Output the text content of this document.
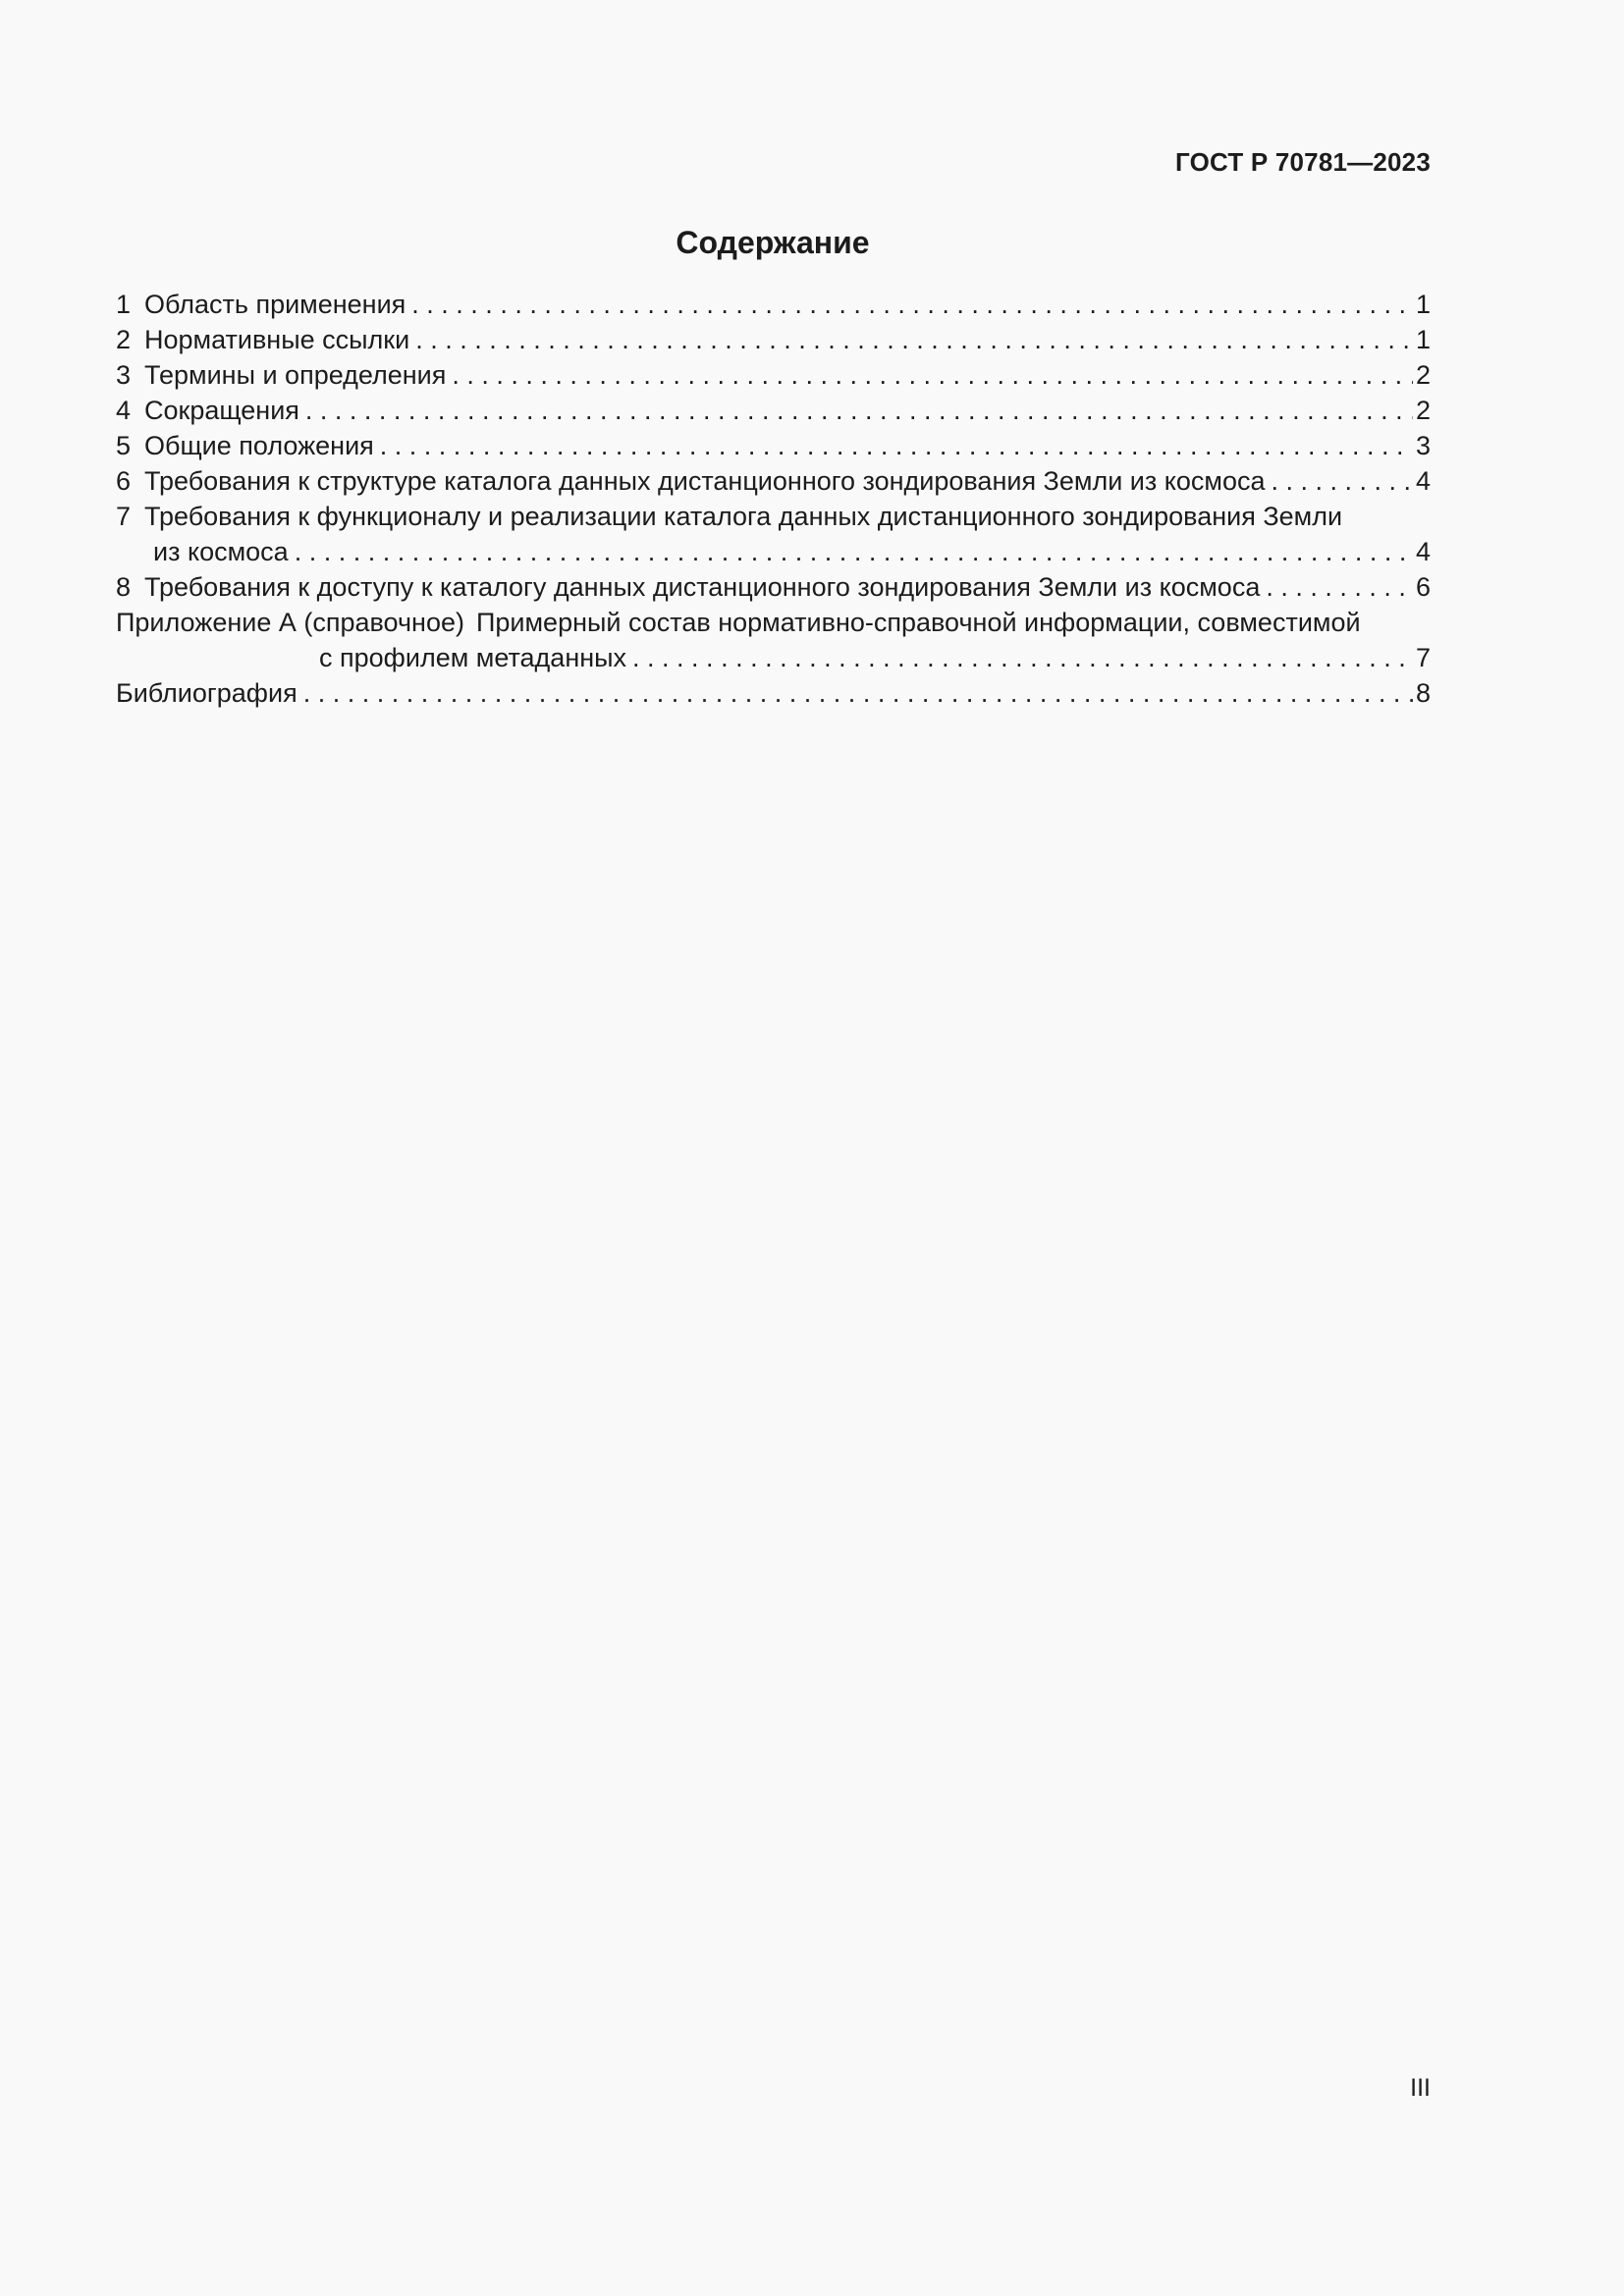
ГОСТ Р 70781—2023
Содержание
1 Область применения . . .	1
2 Нормативные ссылки . . .	1
3 Термины и определения . . .	2
4 Сокращения . . .	2
5 Общие положения . . .	3
6 Требования к структуре каталога данных дистанционного зондирования Земли из космоса . . .	4
7 Требования к функционалу и реализации каталога данных дистанционного зондирования Земли
из космоса . . .	4
8 Требования к доступу к каталогу данных дистанционного зондирования Земли из космоса . . .	6
Приложение А (справочное) Примерный состав нормативно-справочной информации, совместимой
с профилем метаданных . . .	7
Библиография . . .	8
III
